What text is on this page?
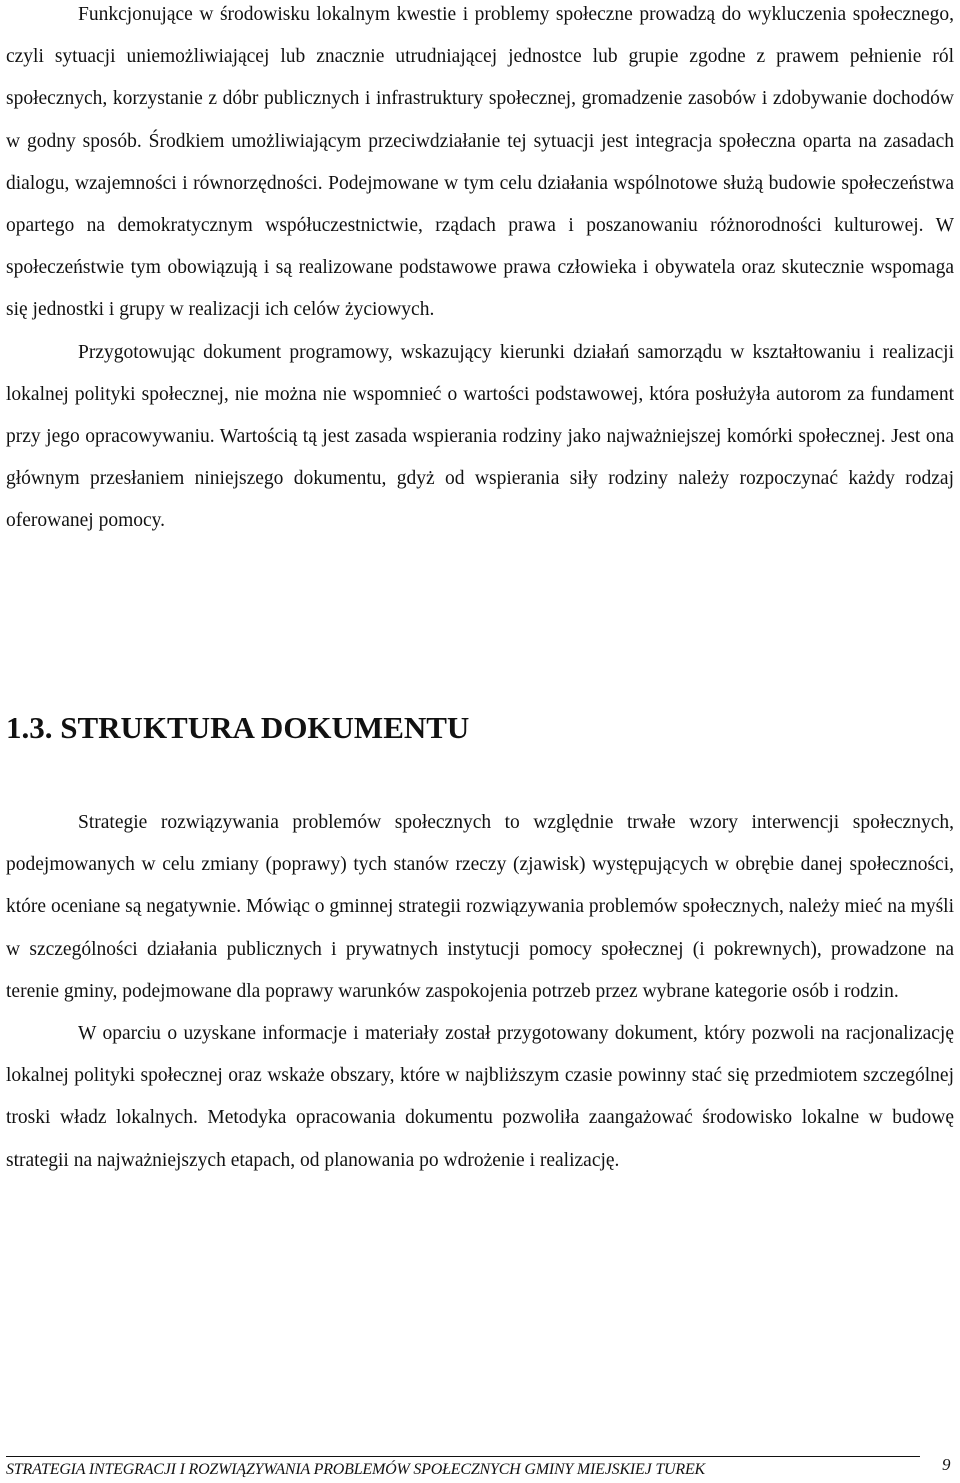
Funkcjonujące w środowisku lokalnym kwestie i problemy społeczne prowadzą do wykluczenia społecznego, czyli sytuacji uniemożliwiającej lub znacznie utrudniającej jednostce lub grupie zgodne z prawem pełnienie ról społecznych, korzystanie z dóbr publicznych i infrastruktury społecznej, gromadzenie zasobów i zdobywanie dochodów w godny sposób. Środkiem umożliwiającym przeciwdziałanie tej sytuacji jest integracja społeczna oparta na zasadach dialogu, wzajemności i równorzędności. Podejmowane w tym celu działania wspólnotowe służą budowie społeczeństwa opartego na demokratycznym współuczestnictwie, rządach prawa i poszanowaniu różnorodności kulturowej. W społeczeństwie tym obowiązują i są realizowane podstawowe prawa człowieka i obywatela oraz skutecznie wspomaga się jednostki i grupy w realizacji ich celów życiowych.

Przygotowując dokument programowy, wskazujący kierunki działań samorządu w kształtowaniu i realizacji lokalnej polityki społecznej, nie można nie wspomnieć o wartości podstawowej, która posłużyła autorom za fundament przy jego opracowywaniu. Wartością tą jest zasada wspierania rodziny jako najważniejszej komórki społecznej. Jest ona głównym przesłaniem niniejszego dokumentu, gdyż od wspierania siły rodziny należy rozpoczynać każdy rodzaj oferowanej pomocy.

1.3. STRUKTURA DOKUMENTU

Strategie rozwiązywania problemów społecznych to względnie trwałe wzory interwencji społecznych, podejmowanych w celu zmiany (poprawy) tych stanów rzeczy (zjawisk) występujących w obrębie danej społeczności, które oceniane są negatywnie. Mówiąc o gminnej strategii rozwiązywania problemów społecznych, należy mieć na myśli w szczególności działania publicznych i prywatnych instytucji pomocy społecznej (i pokrewnych), prowadzone na terenie gminy, podejmowane dla poprawy warunków zaspokojenia potrzeb przez wybrane kategorie osób i rodzin.

W oparciu o uzyskane informacje i materiały został przygotowany dokument, który pozwoli na racjonalizację lokalnej polityki społecznej oraz wskaże obszary, które w najbliższym czasie powinny stać się przedmiotem szczególnej troski władz lokalnych. Metodyka opracowania dokumentu pozwoliła zaangażować środowisko lokalne w budowę strategii na najważniejszych etapach, od planowania po wdrożenie i realizację.

STRATEGIA INTEGRACJI I ROZWIĄZYWANIA PROBLEMÓW SPOŁECZNYCH GMINY MIEJSKIEJ TUREK	9
